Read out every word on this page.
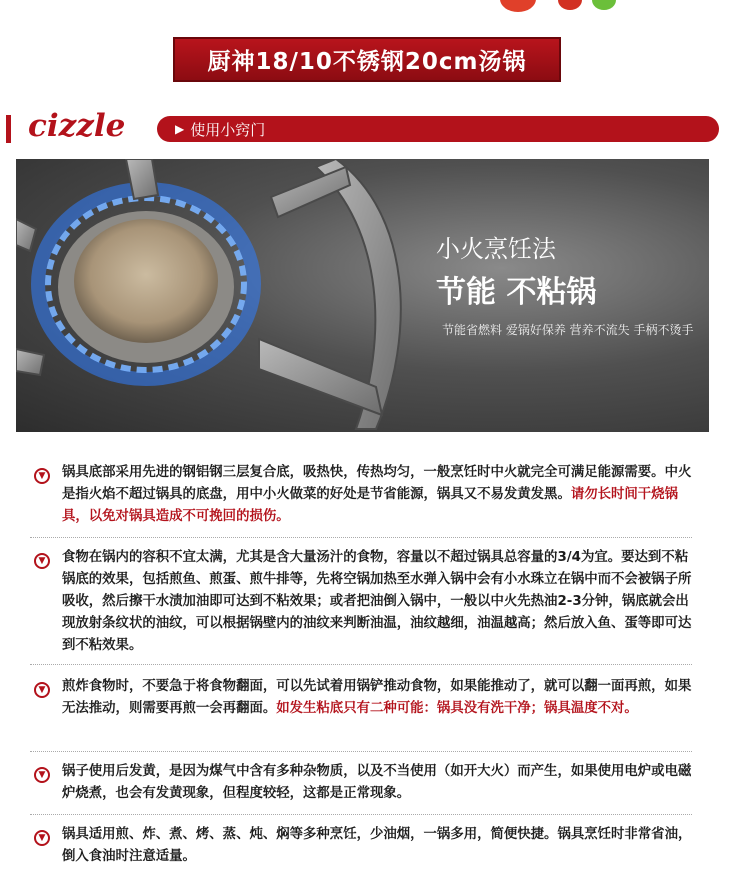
厨神18/10不锈钢20cm汤锅
cizzle	▶ 使用小窍门
小火烹饪法
节能 不粘锅
节能省燃料 爱锅好保养 营养不流失 手柄不烫手
▼	锅具底部采用先进的钢铝钢三层复合底，吸热快，传热均匀，一般烹饪时中火就完全可满足能源需要。中火是指火焰不超过锅具的底盘，用中小火做菜的好处是节省能源，锅具又不易发黄发黑。请勿长时间干烧锅具，以免对锅具造成不可挽回的损伤。
▼	食物在锅内的容积不宜太满，尤其是含大量汤汁的食物，容量以不超过锅具总容量的3/4为宜。要达到不粘锅底的效果，包括煎鱼、煎蛋、煎牛排等，先将空锅加热至水弹入锅中会有小水珠立在锅中而不会被锅子所吸收，然后擦干水渍加油即可达到不粘效果；或者把油倒入锅中，一般以中火先热油2-3分钟，锅底就会出现放射条纹状的油纹，可以根据锅壁内的油纹来判断油温，油纹越细，油温越高；然后放入鱼、蛋等即可达到不粘效果。
▼	煎炸食物时，不要急于将食物翻面，可以先试着用锅铲推动食物，如果能推动了，就可以翻一面再煎，如果无法推动，则需要再煎一会再翻面。如发生粘底只有二种可能：锅具没有洗干净；锅具温度不对。
▼	锅子使用后发黄，是因为煤气中含有多种杂物质，以及不当使用（如开大火）而产生，如果使用电炉或电磁炉烧煮，也会有发黄现象，但程度较轻，这都是正常现象。
▼	锅具适用煎、炸、煮、烤、蒸、炖、焖等多种烹饪，少油烟，一锅多用，简便快捷。锅具烹饪时非常省油，倒入食油时注意适量。
